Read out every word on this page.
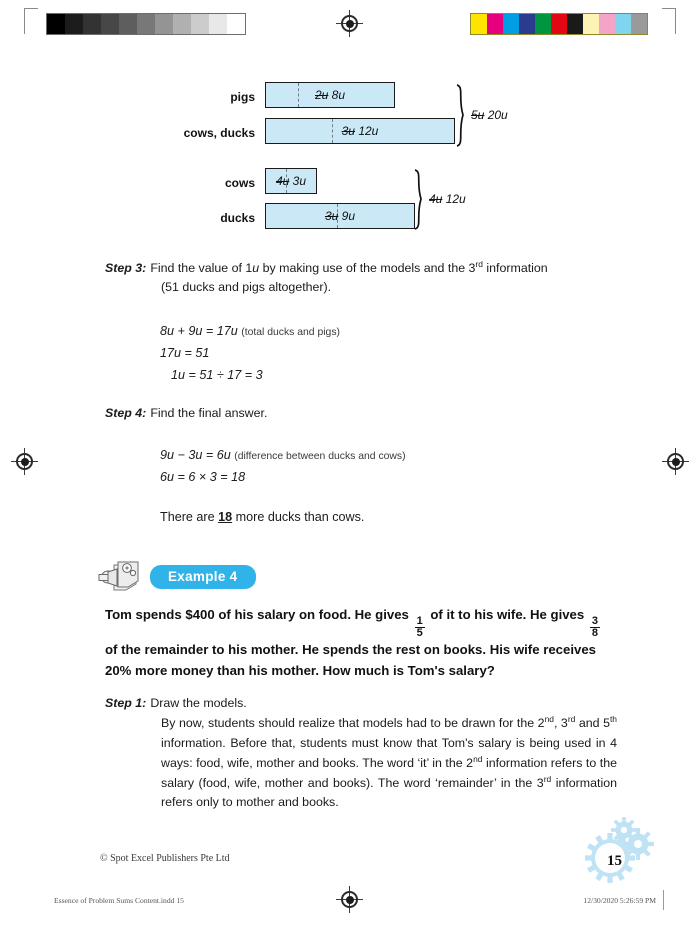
pigs	2u 8u
cows, ducks	3u 12u
5u 20u
cows 4u 3u
ducks	3u 9u
4u 12u
Step 3: Find the value of 1u by making use of the models and the 3rd information
(51 ducks and pigs altogether).
8u + 9u = 17u (total ducks and pigs)
17u = 51
1u = 51 ÷ 17 = 3
Step 4: Find the final answer.
9u − 3u = 6u (difference between ducks and cows)
6u = 6 × 3 = 18
There are 18 more ducks than cows.
Example 4
Tom spends $400 of his salary on food. He gives
$\frac{1}{5}$
of it to his wife. He gives
$\frac{3}{8}$
of the remainder to his mother. He spends the rest on books. His wife receives 20% more money than his mother. How much is Tom's salary?
Step 1: Draw the models.
By now, students should realize that models had to be drawn for the 2nd, 3rd and 5th information. Before that, students must know that Tom's salary is being used in 4 ways: food, wife, mother and books. The word ‘it’ in the 2nd information refers to the salary (food, wife, mother and books). The word ‘remainder’ in the 3rd information refers only to mother and books.
© Spot Excel Publishers Pte Ltd	15
Essence of Problem Sums Content.indd 15	12/30/2020 5:26:59 PM
